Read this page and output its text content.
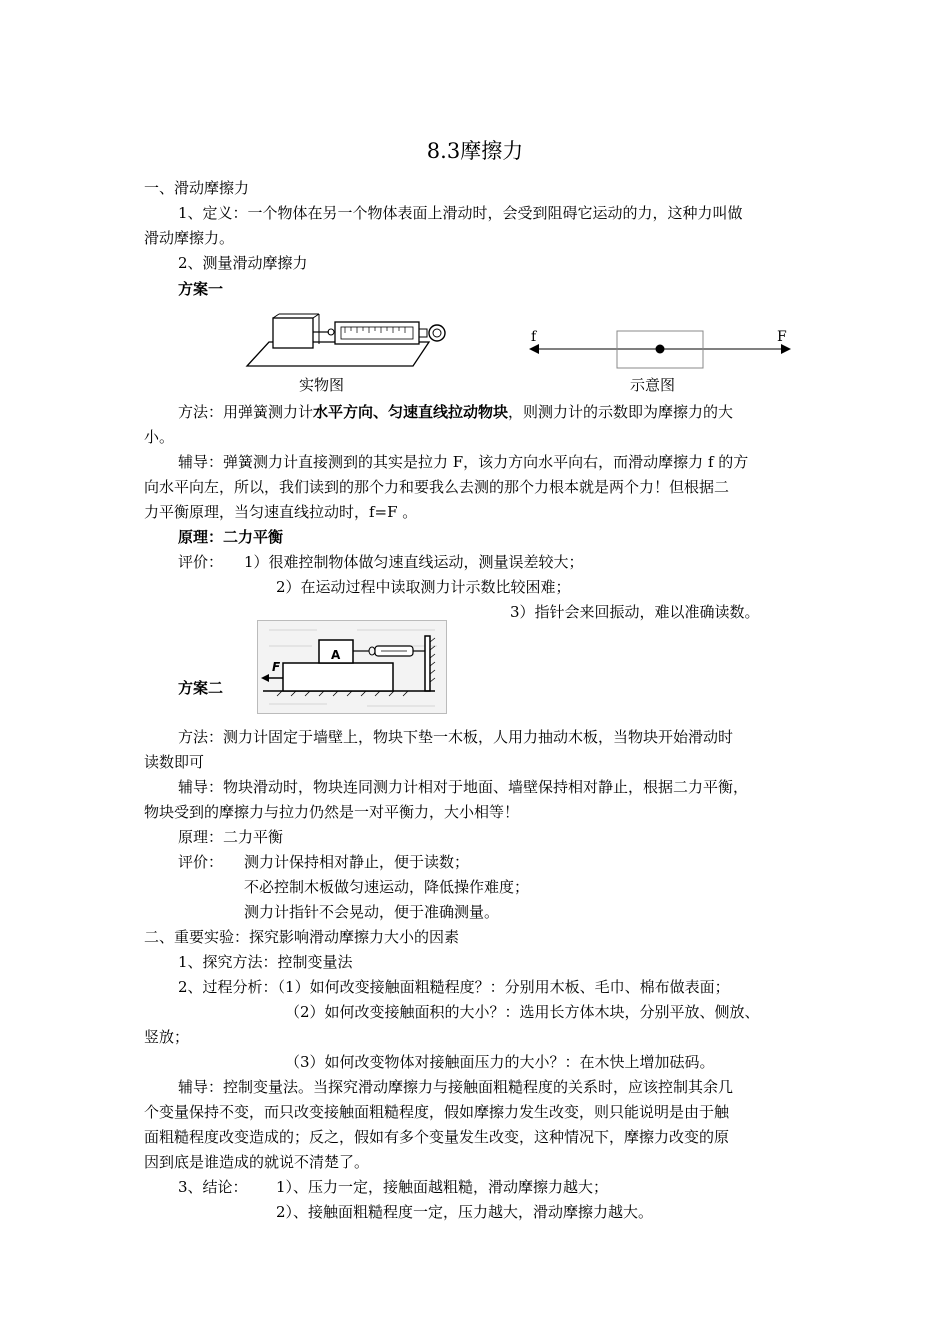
8.3摩擦力
一、滑动摩擦力
1、定义：一个物体在另一个物体表面上滑动时，会受到阻碍它运动的力，这种力叫做
滑动摩擦力。
2、测量滑动摩擦力
方案一
f	F
实物图	示意图
方法：用弹簧测力计水平方向、匀速直线拉动物块，则测力计的示数即为摩擦力的大
小。
辅导：弹簧测力计直接测到的其实是拉力 F，该力方向水平向右，而滑动摩擦力 f 的方
向水平向左，所以，我们读到的那个力和要我么去测的那个力根本就是两个力！但根据二
力平衡原理，当匀速直线拉动时，f=F 。
原理：二力平衡
评价： 1）很难控制物体做匀速直线运动，测量误差较大；
2）在运动过程中读取测力计示数比较困难；
3）指针会来回振动，难以准确读数。
A
F
方案二
方法：测力计固定于墙壁上，物块下垫一木板，人用力抽动木板，当物块开始滑动时
读数即可
辅导：物块滑动时，物块连同测力计相对于地面、墙壁保持相对静止，根据二力平衡，
物块受到的摩擦力与拉力仍然是一对平衡力，大小相等！
原理：二力平衡
评价： 测力计保持相对静止，便于读数；
不必控制木板做匀速运动，降低操作难度；
测力计指针不会晃动，便于准确测量。
二、重要实验：探究影响滑动摩擦力大小的因素
1、探究方法：控制变量法
2、过程分析：（1）如何改变接触面粗糙程度？：分别用木板、毛巾、棉布做表面；
（2）如何改变接触面积的大小？：选用长方体木块，分别平放、侧放、
竖放；
（3）如何改变物体对接触面压力的大小？：在木快上增加砝码。
辅导：控制变量法。当探究滑动摩擦力与接触面粗糙程度的关系时，应该控制其余几
个变量保持不变，而只改变接触面粗糙程度，假如摩擦力发生改变，则只能说明是由于触
面粗糙程度改变造成的；反之，假如有多个变量发生改变，这种情况下，摩擦力改变的原
因到底是谁造成的就说不清楚了。
3、结论： 1）、压力一定，接触面越粗糙，滑动摩擦力越大；
2）、接触面粗糙程度一定，压力越大，滑动摩擦力越大。
